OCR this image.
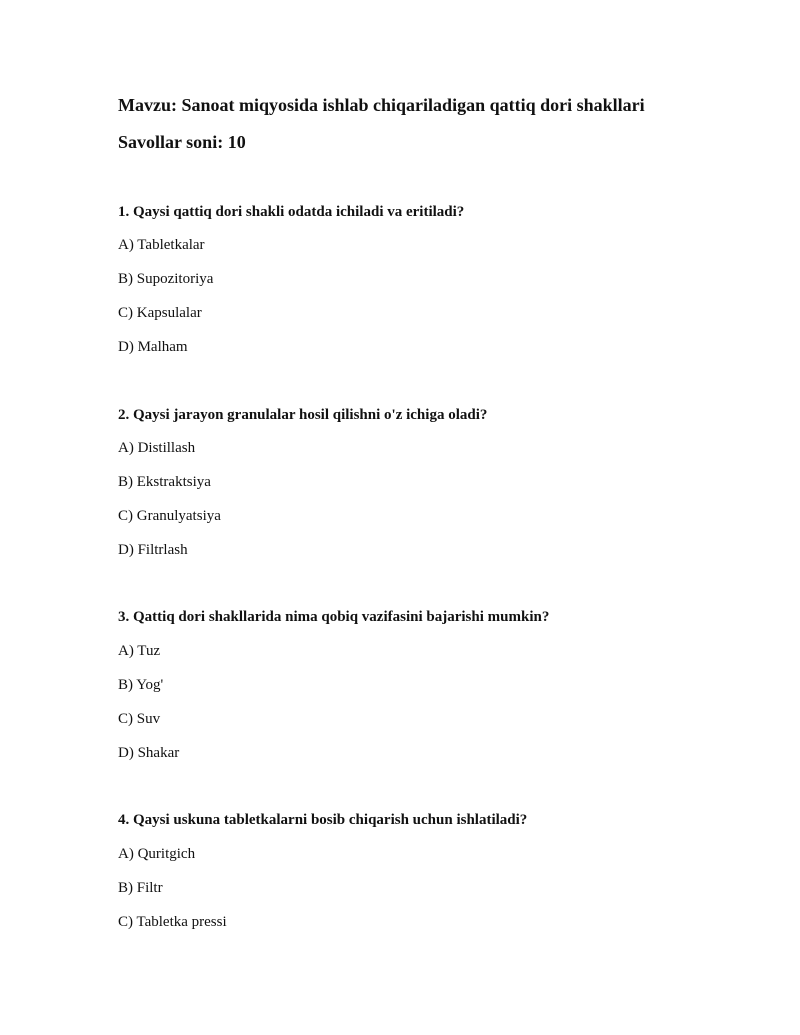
Mavzu: Sanoat miqyosida ishlab chiqariladigan qattiq dori shakllari
Savollar soni: 10
1. Qaysi qattiq dori shakli odatda ichiladi va eritiladi?
A) Tabletkalar
B) Supozitoriya
C) Kapsulalar
D) Malham
2. Qaysi jarayon granulalar hosil qilishni o'z ichiga oladi?
A) Distillash
B) Ekstraktsiya
C) Granulyatsiya
D) Filtrlash
3. Qattiq dori shakllarida nima qobiq vazifasini bajarishi mumkin?
A) Tuz
B) Yog'
C) Suv
D) Shakar
4. Qaysi uskuna tabletkalarni bosib chiqarish uchun ishlatiladi?
A) Quritgich
B) Filtr
C) Tabletka pressi
